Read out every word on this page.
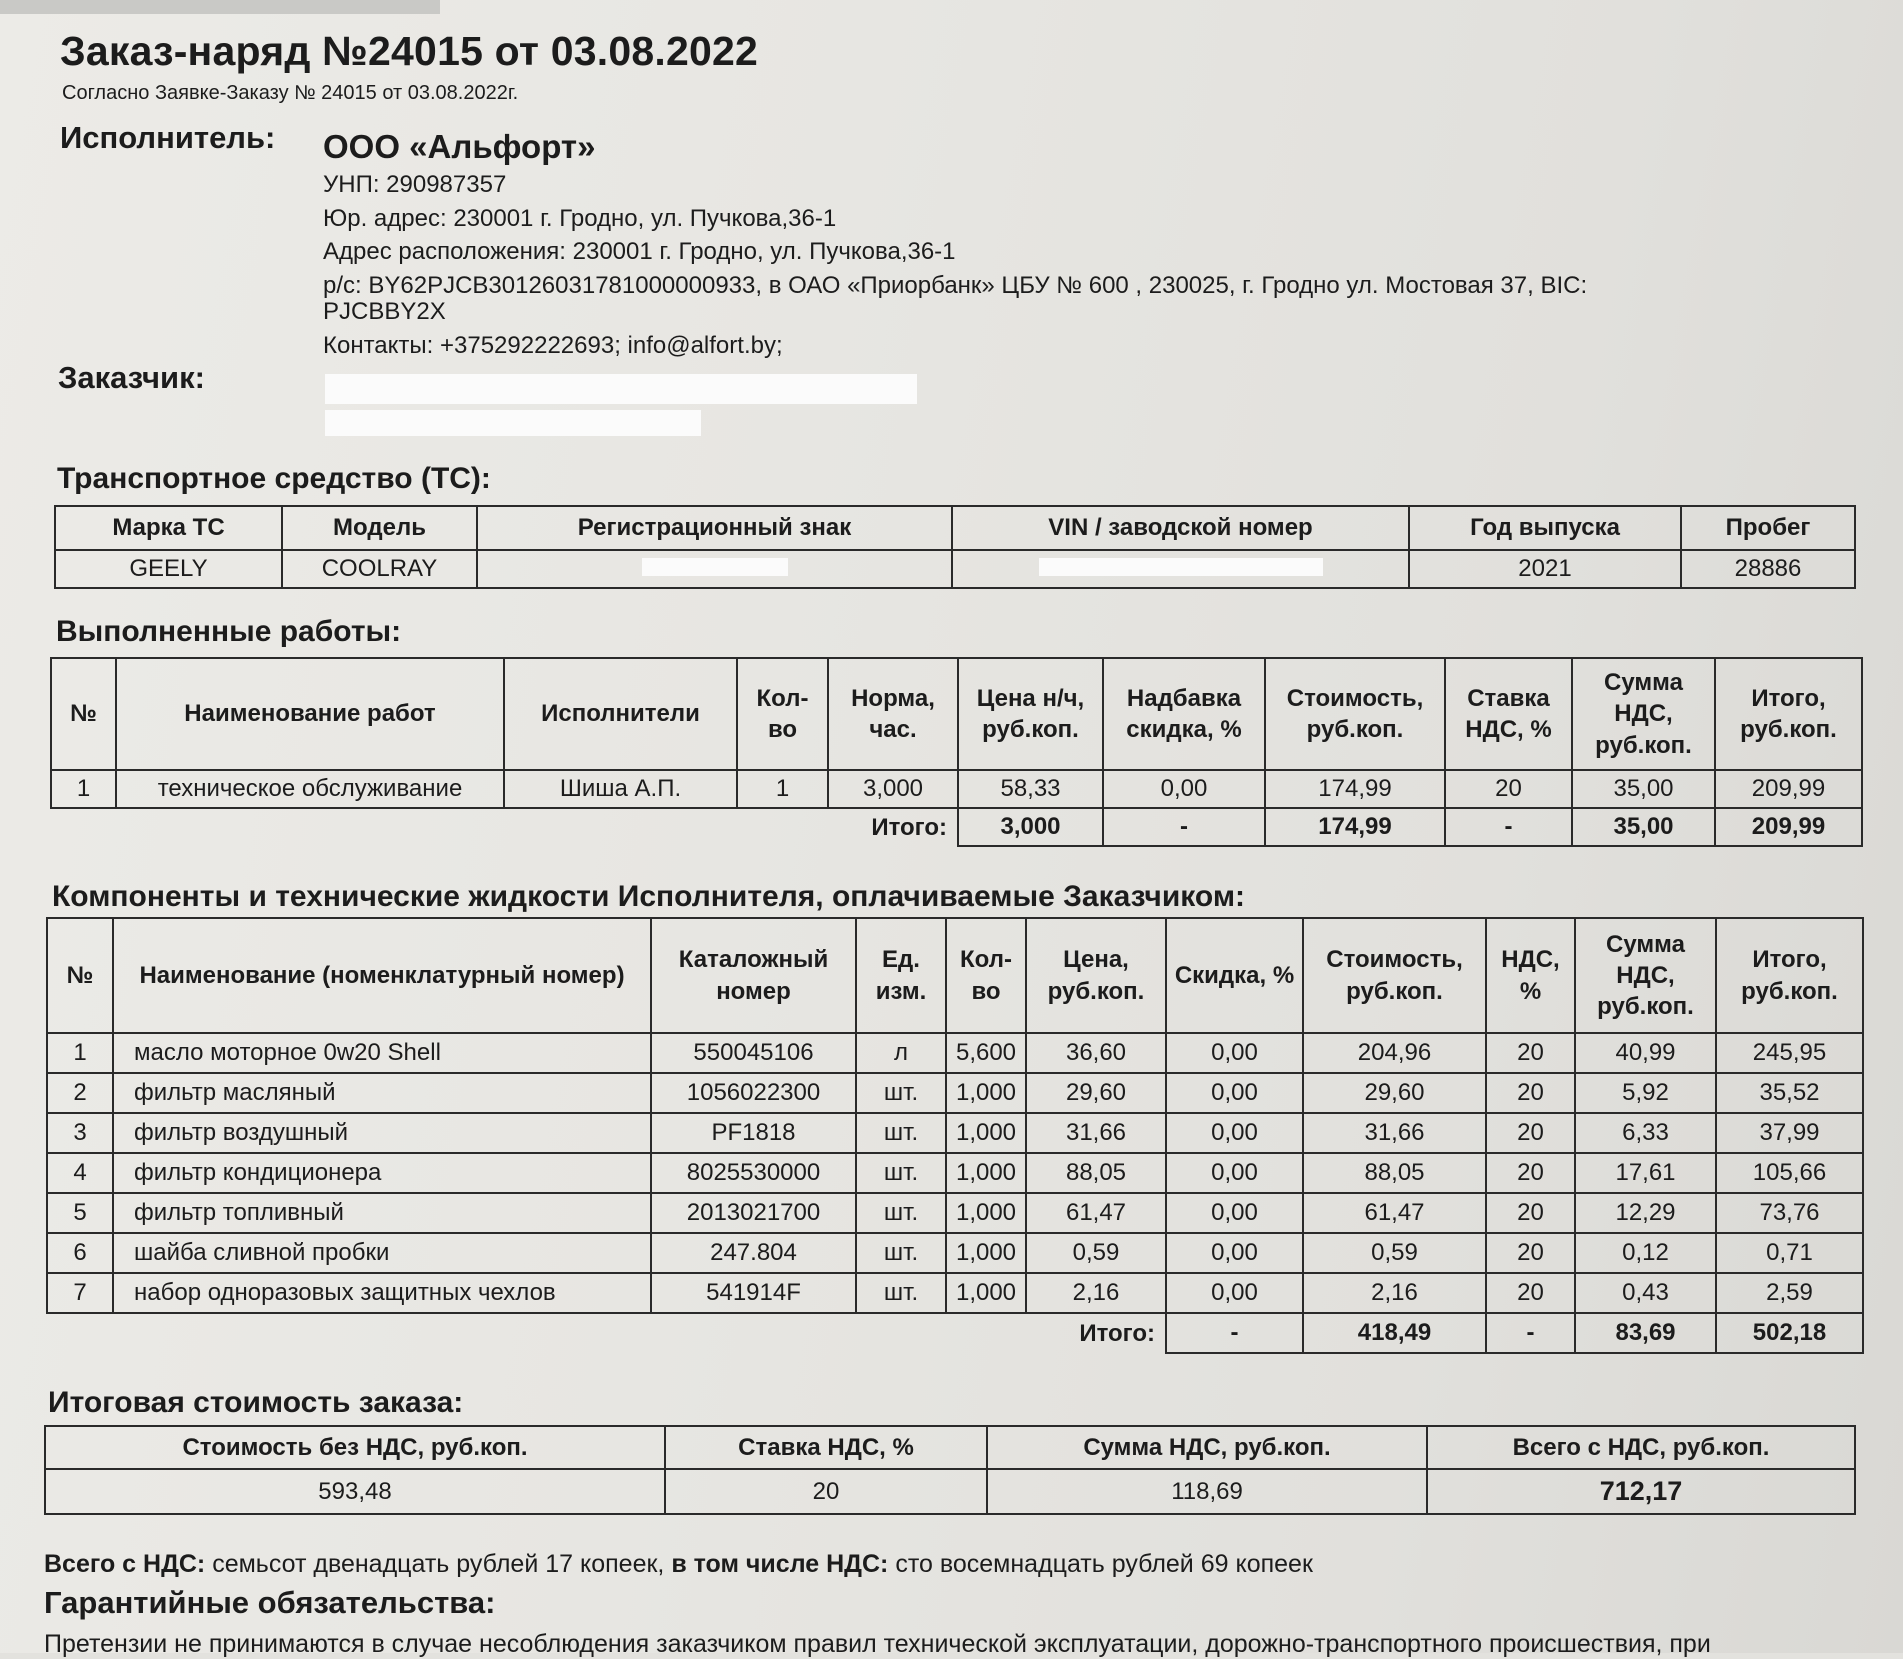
Заказ-наряд №24015 от 03.08.2022
Согласно Заявке-Заказу № 24015 от 03.08.2022г.
Исполнитель: ООО «Альфорт»
УНП: 290987357
Юр. адрес: 230001 г. Гродно, ул. Пучкова,36-1
Адрес расположения: 230001 г. Гродно, ул. Пучкова,36-1
р/с: BY62PJCB30126031781000000933, в ОАО «Приорбанк» ЦБУ № 600 , 230025, г. Гродно ул. Мостовая 37, BIC:
PJCBBY2X
Контакты: +375292222693; info@alfort.by;
Заказчик:
Транспортное средство (ТС):
Марка ТС	Модель	Регистрационный знак	VIN / заводской номер	Год выпуска	Пробег
GEELY	COOLRAY			2021	28886
Выполненные работы:
№	Наименование работ	Исполнители	Кол-во	Норма, час.	Цена н/ч, руб.коп.	Надбавка скидка, %	Стоимость, руб.коп.	Ставка НДС, %	Сумма НДС, руб.коп.	Итого, руб.коп.
1	техническое обслуживание	Шиша А.П.	1	3,000	58,33	0,00	174,99	20	35,00	209,99
			Итого:		3,000	-	174,99	-	35,00	209,99
Компоненты и технические жидкости Исполнителя, оплачиваемые Заказчиком:
№	Наименование (номенклатурный номер)	Каталожный номер	Ед. изм.	Кол-во	Цена, руб.коп.	Скидка, %	Стоимость, руб.коп.	НДС, %	Сумма НДС, руб.коп.	Итого, руб.коп.
1	масло моторное 0w20 Shell	550045106	л	5,600	36,60	0,00	204,96	20	40,99	245,95
2	фильтр масляный	1056022300	шт.	1,000	29,60	0,00	29,60	20	5,92	35,52
3	фильтр воздушный	PF1818	шт.	1,000	31,66	0,00	31,66	20	6,33	37,99
4	фильтр кондиционера	8025530000	шт.	1,000	88,05	0,00	88,05	20	17,61	105,66
5	фильтр топливный	2013021700	шт.	1,000	61,47	0,00	61,47	20	12,29	73,76
6	шайба сливной пробки	247.804	шт.	1,000	0,59	0,00	0,59	20	0,12	0,71
7	набор одноразовых защитных чехлов	541914F	шт.	1,000	2,16	0,00	2,16	20	0,43	2,59
				Итого:		-	418,49	-	83,69	502,18
Итоговая стоимость заказа:
Стоимость без НДС, руб.коп.	Ставка НДС, %	Сумма НДС, руб.коп.	Всего с НДС, руб.коп.
593,48	20	118,69	712,17
Всего с НДС: семьсот двенадцать рублей 17 копеек, в том числе НДС: сто восемнадцать рублей 69 копеек
Гарантийные обязательства:
Претензии не принимаются в случае несоблюдения заказчиком правил технической эксплуатации, дорожно-транспортного происшествия, при
